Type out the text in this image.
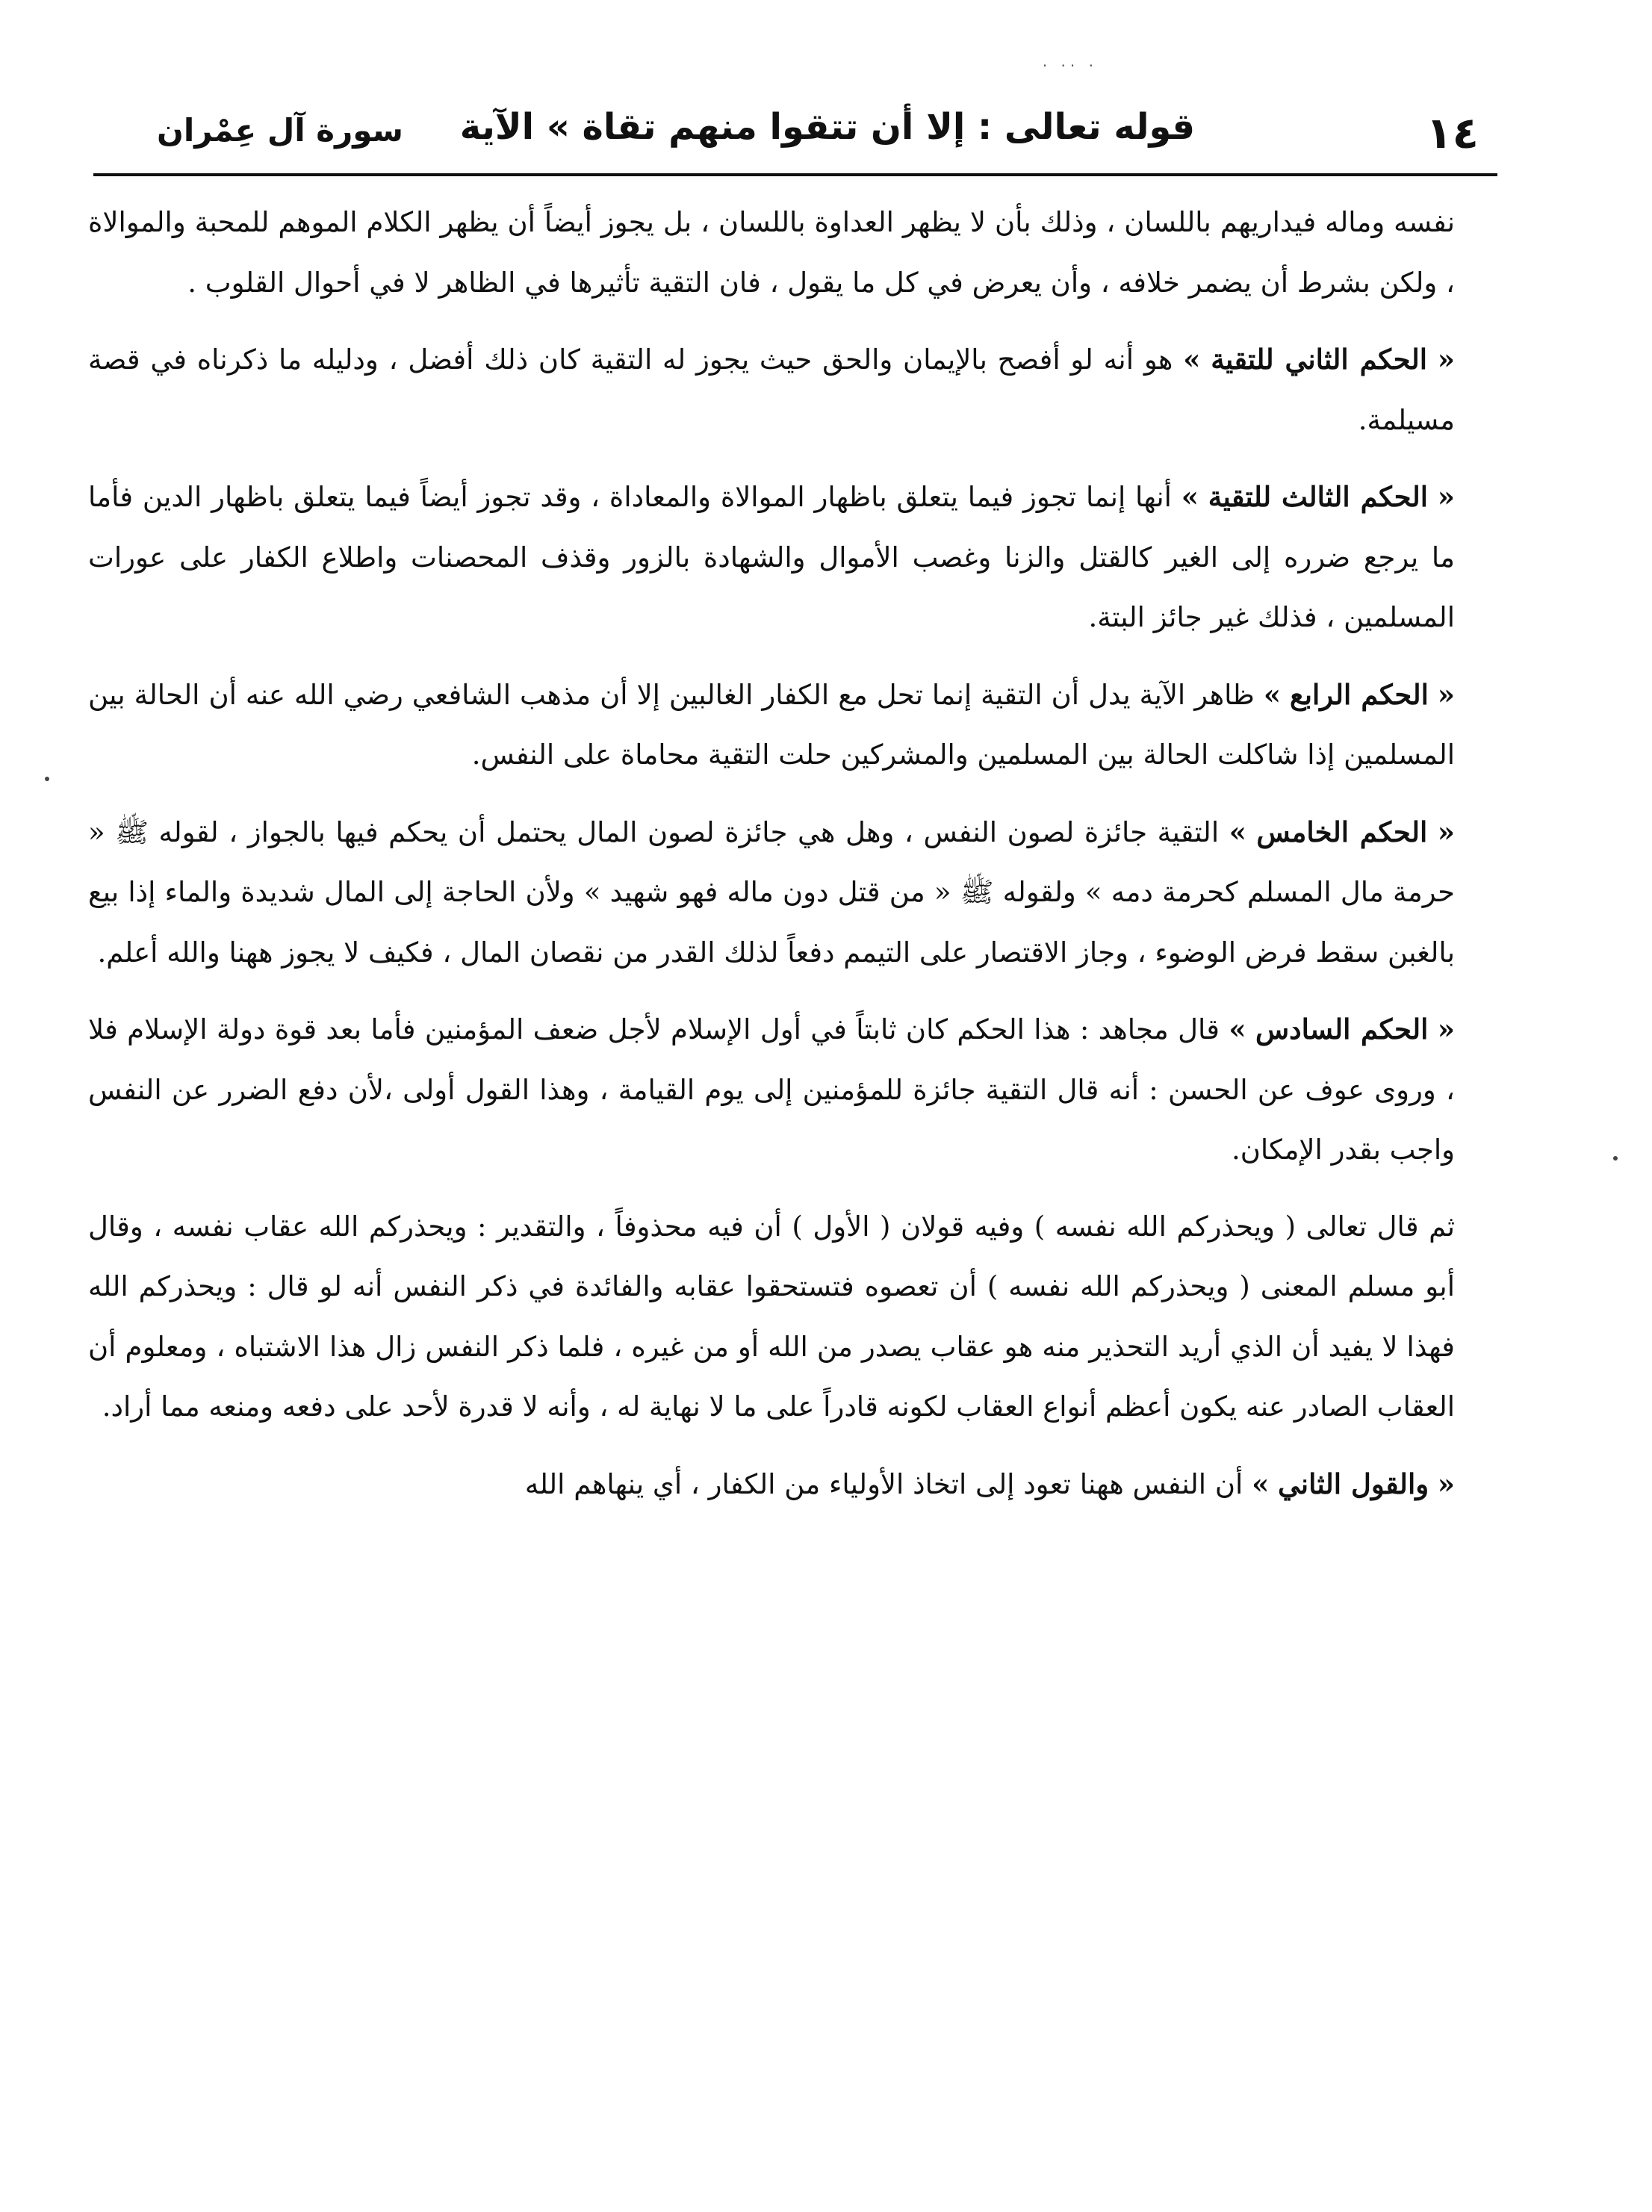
. .. .
١٤
قوله تعالى : إلا أن تتقوا منهم تقاة » الآية
سورة آل عِمْران

نفسه وماله فيداريهم باللسان ، وذلك بأن لا يظهر العداوة باللسان ، بل يجوز أيضاً أن يظهر الكلام الموهم للمحبة والموالاة ، ولكن بشرط أن يضمر خلافه ، وأن يعرض في كل ما يقول ، فان التقية تأثيرها في الظاهر لا في أحوال القلوب .

« الحكم الثاني للتقية » هو أنه لو أفصح بالإيمان والحق حيث يجوز له التقية كان ذلك أفضل ، ودليله ما ذكرناه في قصة مسيلمة.

« الحكم الثالث للتقية » أنها إنما تجوز فيما يتعلق باظهار الموالاة والمعاداة ، وقد تجوز أيضاً فيما يتعلق باظهار الدين فأما ما يرجع ضرره إلى الغير كالقتل والزنا وغصب الأموال والشهادة بالزور وقذف المحصنات واطلاع الكفار على عورات المسلمين ، فذلك غير جائز البتة.

« الحكم الرابع » ظاهر الآية يدل أن التقية إنما تحل مع الكفار الغالبين إلا أن مذهب الشافعي رضي الله عنه أن الحالة بين المسلمين إذا شاكلت الحالة بين المسلمين والمشركين حلت التقية محاماة على النفس.

« الحكم الخامس » التقية جائزة لصون النفس ، وهل هي جائزة لصون المال يحتمل أن يحكم فيها بالجواز ، لقوله ﷺ « حرمة مال المسلم كحرمة دمه » ولقوله ﷺ « من قتل دون ماله فهو شهيد » ولأن الحاجة إلى المال شديدة والماء إذا بيع بالغبن سقط فرض الوضوء ، وجاز الاقتصار على التيمم دفعاً لذلك القدر من نقصان المال ، فكيف لا يجوز ههنا والله أعلم.

« الحكم السادس » قال مجاهد : هذا الحكم كان ثابتاً في أول الإسلام لأجل ضعف المؤمنين فأما بعد قوة دولة الإسلام فلا ، وروى عوف عن الحسن : أنه قال التقية جائزة للمؤمنين إلى يوم القيامة ، وهذا القول أولى ،لأن دفع الضرر عن النفس واجب بقدر الإمكان.

ثم قال تعالى ( ويحذركم الله نفسه ) وفيه قولان ( الأول ) أن فيه محذوفاً ، والتقدير : ويحذركم الله عقاب نفسه ، وقال أبو مسلم المعنى ( ويحذركم الله نفسه ) أن تعصوه فتستحقوا عقابه والفائدة في ذكر النفس أنه لو قال : ويحذركم الله فهذا لا يفيد أن الذي أريد التحذير منه هو عقاب يصدر من الله أو من غيره ، فلما ذكر النفس زال هذا الاشتباه ، ومعلوم أن العقاب الصادر عنه يكون أعظم أنواع العقاب لكونه قادراً على ما لا نهاية له ، وأنه لا قدرة لأحد على دفعه ومنعه مما أراد.

« والقول الثاني » أن النفس ههنا تعود إلى اتخاذ الأولياء من الكفار ، أي ينهاهم الله
